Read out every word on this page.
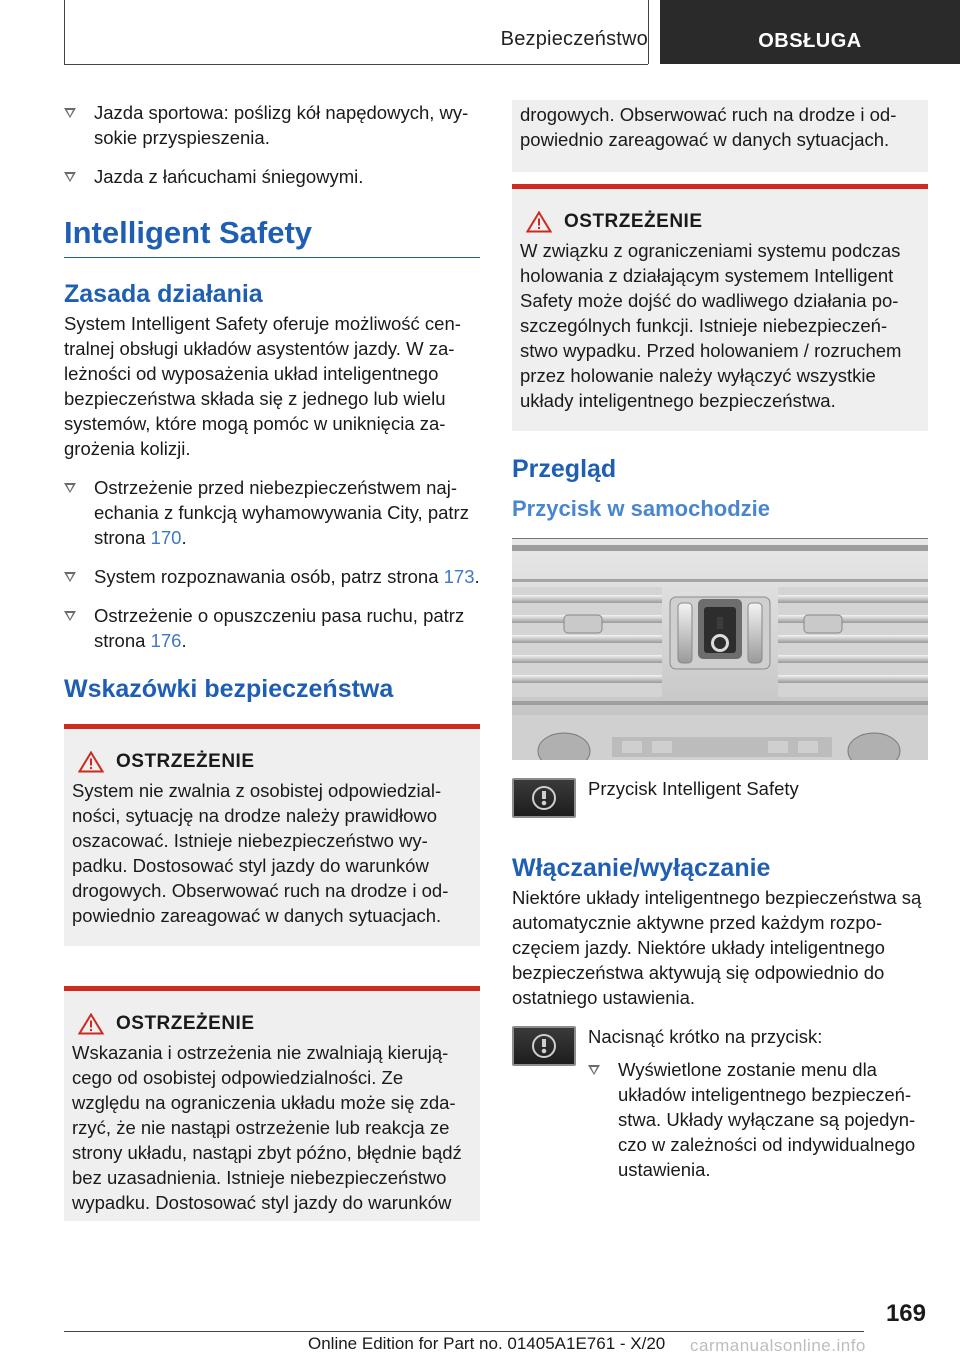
Bezpieczeństwo	OBSŁUGA
Jazda sportowa: poślizg kół napędowych, wy-sokie przyspieszenia.
Jazda z łańcuchami śniegowymi.
Intelligent Safety
Zasada działania
System Intelligent Safety oferuje możliwość cen-tralnej obsługi układów asystentów jazdy. W za-leżności od wyposażenia układ inteligentnego bezpieczeństwa składa się z jednego lub wielu systemów, które mogą pomóc w uniknięcia za-grożenia kolizji.
Ostrzeżenie przed niebezpieczeństwem naj-echania z funkcją wyhamowywania City, patrz strona 170.
System rozpoznawania osób, patrz strona 173.
Ostrzeżenie o opuszczeniu pasa ruchu, patrz strona 176.
Wskazówki bezpieczeństwa
OSTRZEŻENIE
System nie zwalnia z osobistej odpowiedzial-ności, sytuację na drodze należy prawidłowo oszacować. Istnieje niebezpieczeństwo wy-padku. Dostosować styl jazdy do warunków drogowych. Obserwować ruch na drodze i od-powiednio zareagować w danych sytuacjach.
OSTRZEŻENIE
Wskazania i ostrzeżenia nie zwalniają kierują-cego od osobistej odpowiedzialności. Ze względu na ograniczenia układu może się zda-rzyć, że nie nastąpi ostrzeżenie lub reakcja ze strony układu, nastąpi zbyt późno, błędnie bądź bez uzasadnienia. Istnieje niebezpieczeństwo wypadku. Dostosować styl jazdy do warunków
drogowych. Obserwować ruch na drodze i od-powiednio zareagować w danych sytuacjach.
OSTRZEŻENIE
W związku z ograniczeniami systemu podczas holowania z działającym systemem Intelligent Safety może dojść do wadliwego działania po-szczególnych funkcji. Istnieje niebezpieczeń-stwo wypadku. Przed holowaniem / rozruchem przez holowanie należy wyłączyć wszystkie układy inteligentnego bezpieczeństwa.
Przegląd
Przycisk w samochodzie
Przycisk Intelligent Safety
Włączanie/wyłączanie
Niektóre układy inteligentnego bezpieczeństwa są automatycznie aktywne przed każdym rozpo-częciem jazdy. Niektóre układy inteligentnego bezpieczeństwa aktywują się odpowiednio do ostatniego ustawienia.
Nacisnąć krótko na przycisk:
Wyświetlone zostanie menu dla układów inteligentnego bezpieczeń-stwa. Układy wyłączane są pojedyn-czo w zależności od indywidualnego ustawienia.
169
Online Edition for Part no. 01405A1E761 - X/20 carmanualsonline.info
